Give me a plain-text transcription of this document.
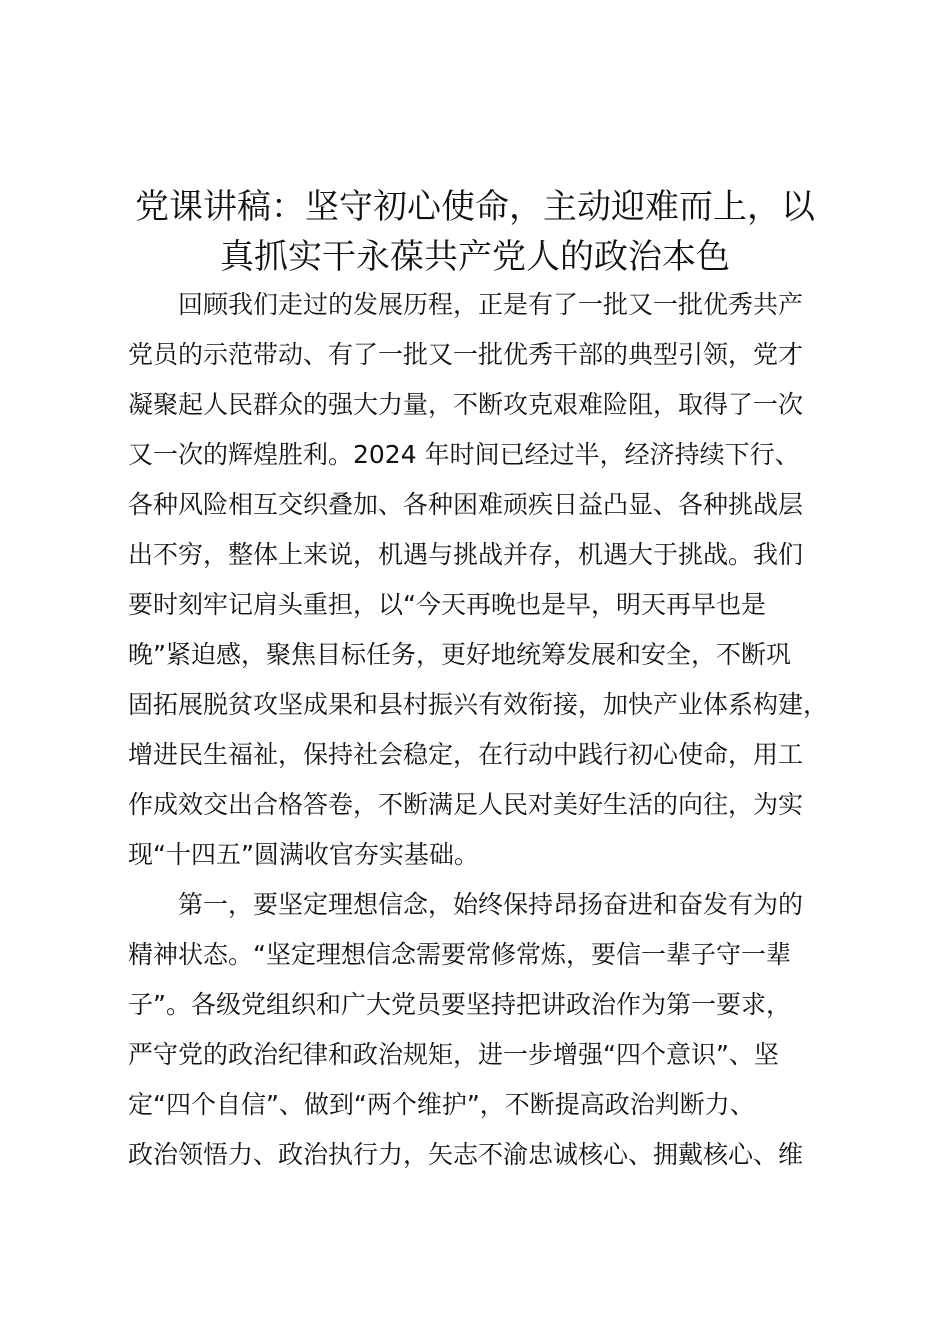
党课讲稿：坚守初心使命，主动迎难而上，以
真抓实干永葆共产党人的政治本色

回顾我们走过的发展历程，正是有了一批又一批优秀共产

党员的示范带动、有了一批又一批优秀干部的典型引领，党才

凝聚起人民群众的强大力量，不断攻克艰难险阻，取得了一次

又一次的辉煌胜利。2024 年时间已经过半，经济持续下行、

各种风险相互交织叠加、各种困难顽疾日益凸显、各种挑战层

出不穷，整体上来说，机遇与挑战并存，机遇大于挑战。我们

要时刻牢记肩头重担，以“今天再晚也是早，明天再早也是

晚”紧迫感，聚焦目标任务，更好地统筹发展和安全，不断巩

固拓展脱贫攻坚成果和县村振兴有效衔接，加快产业体系构建，

增进民生福祉，保持社会稳定，在行动中践行初心使命，用工

作成效交出合格答卷，不断满足人民对美好生活的向往，为实

现“十四五”圆满收官夯实基础。

第一，要坚定理想信念，始终保持昂扬奋进和奋发有为的

精神状态。“坚定理想信念需要常修常炼，要信一辈子守一辈

子”。各级党组织和广大党员要坚持把讲政治作为第一要求，

严守党的政治纪律和政治规矩，进一步增强“四个意识”、坚

定“四个自信”、做到“两个维护”，不断提高政治判断力、

政治领悟力、政治执行力，矢志不渝忠诚核心、拥戴核心、维
